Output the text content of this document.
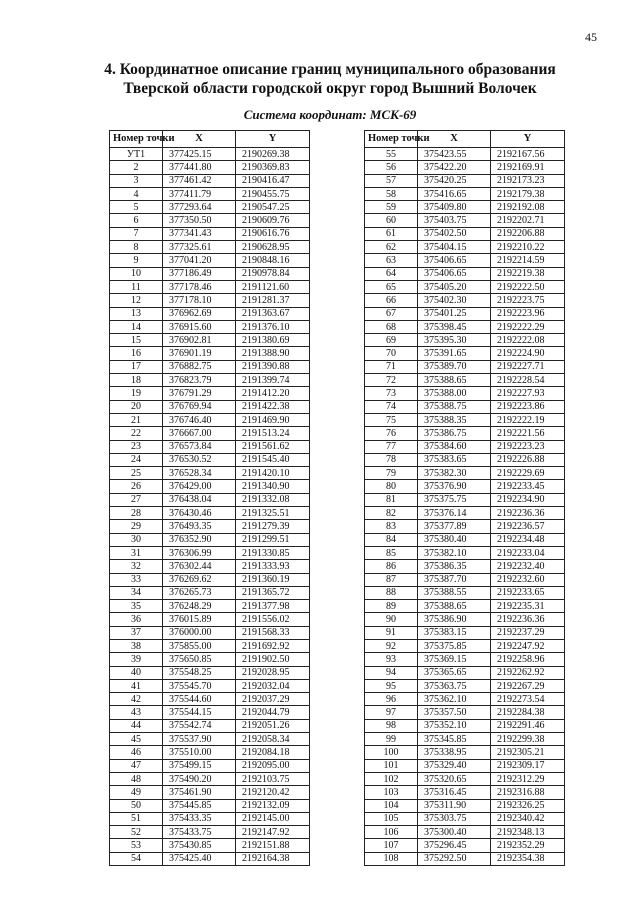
45
4. Координатное описание границ муниципального образования
Тверской области городской округ город Вышний Волочек
Система координат: МСК-69
Номер точки	X	Y
УТ1	377425.15	2190269.38
2	377441.80	2190369.83
3	377461.42	2190416.47
4	377411.79	2190455.75
5	377293.64	2190547.25
6	377350.50	2190609.76
7	377341.43	2190616.76
8	377325.61	2190628.95
9	377041.20	2190848.16
10	377186.49	2190978.84
11	377178.46	2191121.60
12	377178.10	2191281.37
13	376962.69	2191363.67
14	376915.60	2191376.10
15	376902.81	2191380.69
16	376901.19	2191388.90
17	376882.75	2191390.88
18	376823.79	2191399.74
19	376791.29	2191412.20
20	376769.94	2191422.38
21	376746.40	2191469.90
22	376667.00	2191513.24
23	376573.84	2191561.62
24	376530.52	2191545.40
25	376528.34	2191420.10
26	376429.00	2191340.90
27	376438.04	2191332.08
28	376430.46	2191325.51
29	376493.35	2191279.39
30	376352.90	2191299.51
31	376306.99	2191330.85
32	376302.44	2191333.93
33	376269.62	2191360.19
34	376265.73	2191365.72
35	376248.29	2191377.98
36	376015.89	2191556.02
37	376000.00	2191568.33
38	375855.00	2191692.92
39	375650.85	2191902.50
40	375548.25	2192028.95
41	375545.70	2192032.04
42	375544.60	2192037.29
43	375544.15	2192044.79
44	375542.74	2192051.26
45	375537.90	2192058.34
46	375510.00	2192084.18
47	375499.15	2192095.00
48	375490.20	2192103.75
49	375461.90	2192120.42
50	375445.85	2192132.09
51	375433.35	2192145.00
52	375433.75	2192147.92
53	375430.85	2192151.88
54	375425.40	2192164.38
Номер точки	X	Y
55	375423.55	2192167.56
56	375422.20	2192169.91
57	375420.25	2192173.23
58	375416.65	2192179.38
59	375409.80	2192192.08
60	375403.75	2192202.71
61	375402.50	2192206.88
62	375404.15	2192210.22
63	375406.65	2192214.59
64	375406.65	2192219.38
65	375405.20	2192222.50
66	375402.30	2192223.75
67	375401.25	2192223.96
68	375398.45	2192222.29
69	375395.30	2192222.08
70	375391.65	2192224.90
71	375389.70	2192227.71
72	375388.65	2192228.54
73	375388.00	2192227.93
74	375388.75	2192223.86
75	375388.35	2192222.19
76	375386.75	2192221.56
77	375384.60	2192223.23
78	375383.65	2192226.88
79	375382.30	2192229.69
80	375376.90	2192233.45
81	375375.75	2192234.90
82	375376.14	2192236.36
83	375377.89	2192236.57
84	375380.40	2192234.48
85	375382.10	2192233.04
86	375386.35	2192232.40
87	375387.70	2192232.60
88	375388.55	2192233.65
89	375388.65	2192235.31
90	375386.90	2192236.36
91	375383.15	2192237.29
92	375375.85	2192247.92
93	375369.15	2192258.96
94	375365.65	2192262.92
95	375363.75	2192267.29
96	375362.10	2192273.54
97	375357.50	2192284.38
98	375352.10	2192291.46
99	375345.85	2192299.38
100	375338.95	2192305.21
101	375329.40	2192309.17
102	375320.65	2192312.29
103	375316.45	2192316.88
104	375311.90	2192326.25
105	375303.75	2192340.42
106	375300.40	2192348.13
107	375296.45	2192352.29
108	375292.50	2192354.38
